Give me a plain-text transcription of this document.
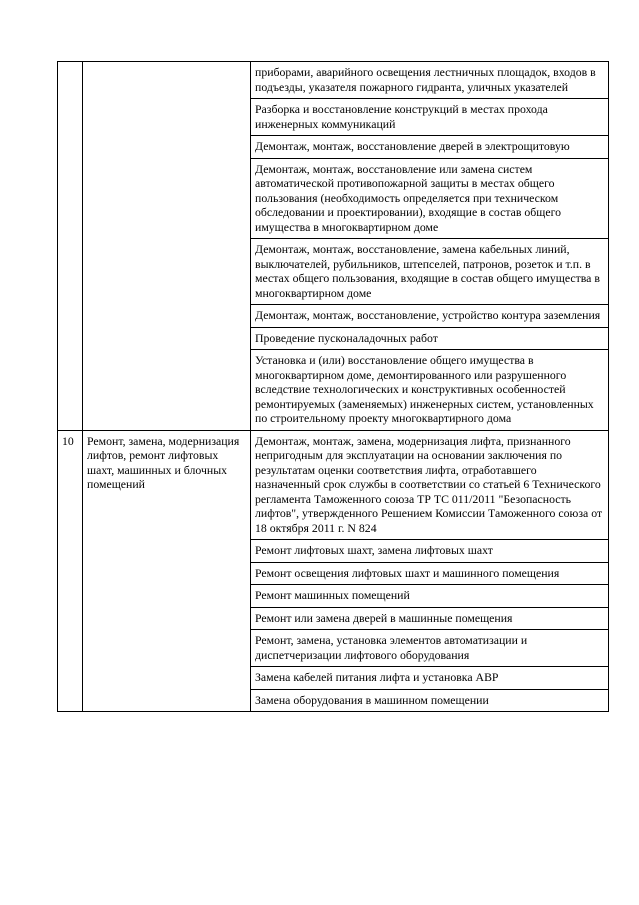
		приборами, аварийного освещения лестничных площадок, входов в подъезды, указателя пожарного гидранта, уличных указателей
		Разборка и восстановление конструкций в местах прохода инженерных коммуникаций
		Демонтаж, монтаж, восстановление дверей в электрощитовую
		Демонтаж, монтаж, восстановление или замена систем автоматической противопожарной защиты в местах общего пользования (необходимость определяется при техническом обследовании и проектировании), входящие в состав общего имущества в многоквартирном доме
		Демонтаж, монтаж, восстановление, замена кабельных линий, выключателей, рубильников, штепселей, патронов, розеток и т.п. в местах общего пользования, входящие в состав общего имущества в многоквартирном доме
		Демонтаж, монтаж, восстановление, устройство контура заземления
		Проведение пусконаладочных работ
		Установка и (или) восстановление общего имущества в многоквартирном доме, демонтированного или разрушенного вследствие технологических и конструктивных особенностей ремонтируемых (заменяемых) инженерных систем, установленных по строительному проекту многоквартирного дома
10	Ремонт, замена, модернизация лифтов, ремонт лифтовых шахт, машинных и блочных помещений	Демонтаж, монтаж, замена, модернизация лифта, признанного непригодным для эксплуатации на основании заключения по результатам оценки соответствия лифта, отработавшего назначенный срок службы в соответствии со статьей 6 Технического регламента Таможенного союза ТР ТС 011/2011 "Безопасность лифтов", утвержденного Решением Комиссии Таможенного союза от 18 октября 2011 г. N 824
		Ремонт лифтовых шахт, замена лифтовых шахт
		Ремонт освещения лифтовых шахт и машинного помещения
		Ремонт машинных помещений
		Ремонт или замена дверей в машинные помещения
		Ремонт, замена, установка элементов автоматизации и диспетчеризации лифтового оборудования
		Замена кабелей питания лифта и установка АВР
		Замена оборудования в машинном помещении
